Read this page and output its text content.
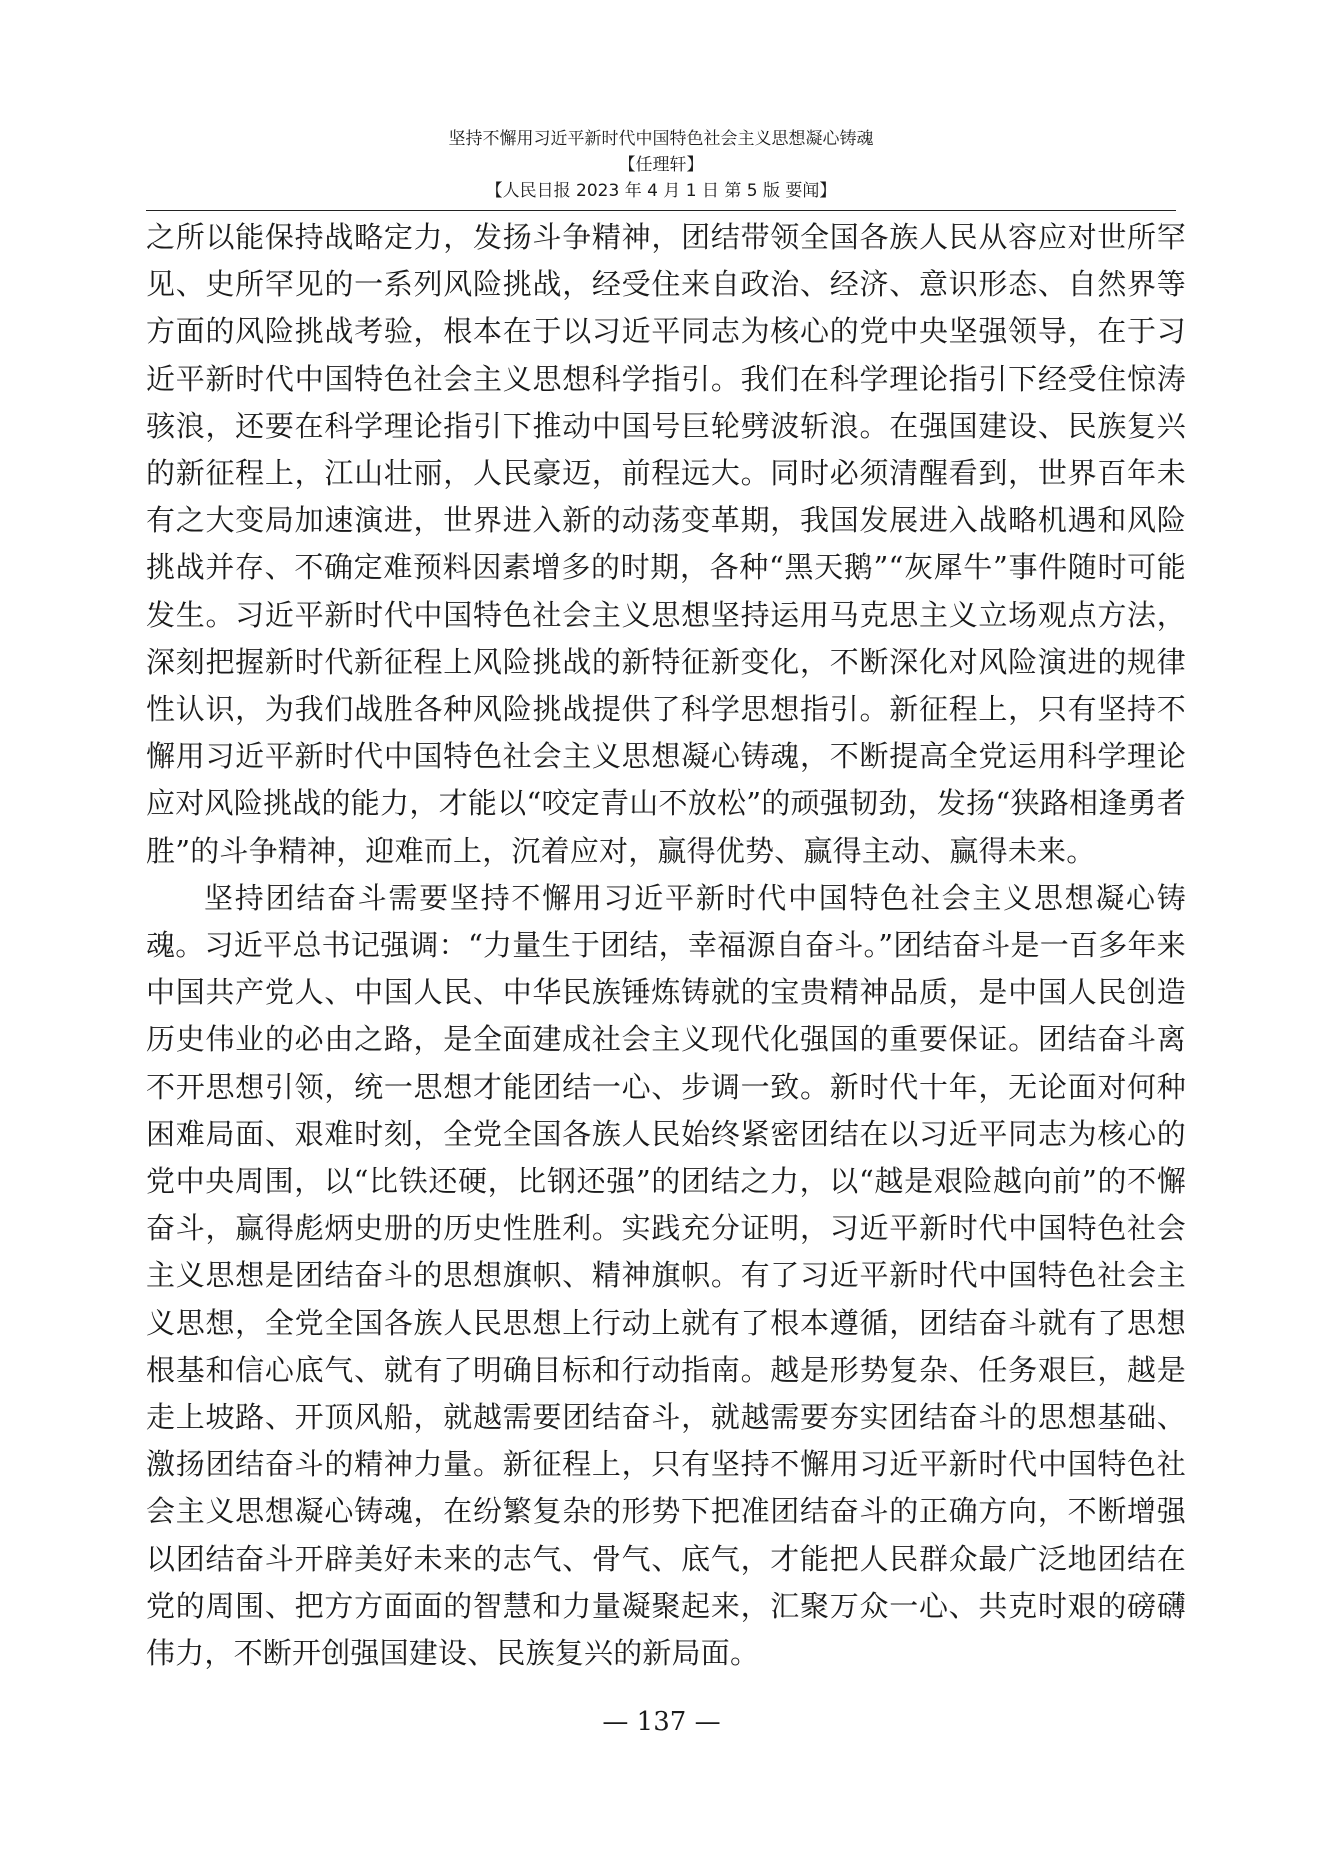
坚持不懈用习近平新时代中国特色社会主义思想凝心铸魂
【任理轩】
【人民日报 2023 年 4 月 1 日 第 5 版 要闻】

之所以能保持战略定力，发扬斗争精神，团结带领全国各族人民从容应对世所罕见、史所罕见的一系列风险挑战，经受住来自政治、经济、意识形态、自然界等方面的风险挑战考验，根本在于以习近平同志为核心的党中央坚强领导，在于习近平新时代中国特色社会主义思想科学指引。我们在科学理论指引下经受住惊涛骇浪，还要在科学理论指引下推动中国号巨轮劈波斩浪。在强国建设、民族复兴的新征程上，江山壮丽，人民豪迈，前程远大。同时必须清醒看到，世界百年未有之大变局加速演进，世界进入新的动荡变革期，我国发展进入战略机遇和风险挑战并存、不确定难预料因素增多的时期，各种“黑天鹅”“灰犀牛”事件随时可能发生。习近平新时代中国特色社会主义思想坚持运用马克思主义立场观点方法，深刻把握新时代新征程上风险挑战的新特征新变化，不断深化对风险演进的规律性认识，为我们战胜各种风险挑战提供了科学思想指引。新征程上，只有坚持不懈用习近平新时代中国特色社会主义思想凝心铸魂，不断提高全党运用科学理论应对风险挑战的能力，才能以“咬定青山不放松”的顽强韧劲，发扬“狭路相逢勇者胜”的斗争精神，迎难而上，沉着应对，赢得优势、赢得主动、赢得未来。

坚持团结奋斗需要坚持不懈用习近平新时代中国特色社会主义思想凝心铸魂。习近平总书记强调：“力量生于团结，幸福源自奋斗。”团结奋斗是一百多年来中国共产党人、中国人民、中华民族锤炼铸就的宝贵精神品质，是中国人民创造历史伟业的必由之路，是全面建成社会主义现代化强国的重要保证。团结奋斗离不开思想引领，统一思想才能团结一心、步调一致。新时代十年，无论面对何种困难局面、艰难时刻，全党全国各族人民始终紧密团结在以习近平同志为核心的党中央周围，以“比铁还硬，比钢还强”的团结之力，以“越是艰险越向前”的不懈奋斗，赢得彪炳史册的历史性胜利。实践充分证明，习近平新时代中国特色社会主义思想是团结奋斗的思想旗帜、精神旗帜。有了习近平新时代中国特色社会主义思想，全党全国各族人民思想上行动上就有了根本遵循，团结奋斗就有了思想根基和信心底气、就有了明确目标和行动指南。越是形势复杂、任务艰巨，越是走上坡路、开顶风船，就越需要团结奋斗，就越需要夯实团结奋斗的思想基础、激扬团结奋斗的精神力量。新征程上，只有坚持不懈用习近平新时代中国特色社会主义思想凝心铸魂，在纷繁复杂的形势下把准团结奋斗的正确方向，不断增强以团结奋斗开辟美好未来的志气、骨气、底气，才能把人民群众最广泛地团结在党的周围、把方方面面的智慧和力量凝聚起来，汇聚万众一心、共克时艰的磅礴伟力，不断开创强国建设、民族复兴的新局面。

— 137 —
